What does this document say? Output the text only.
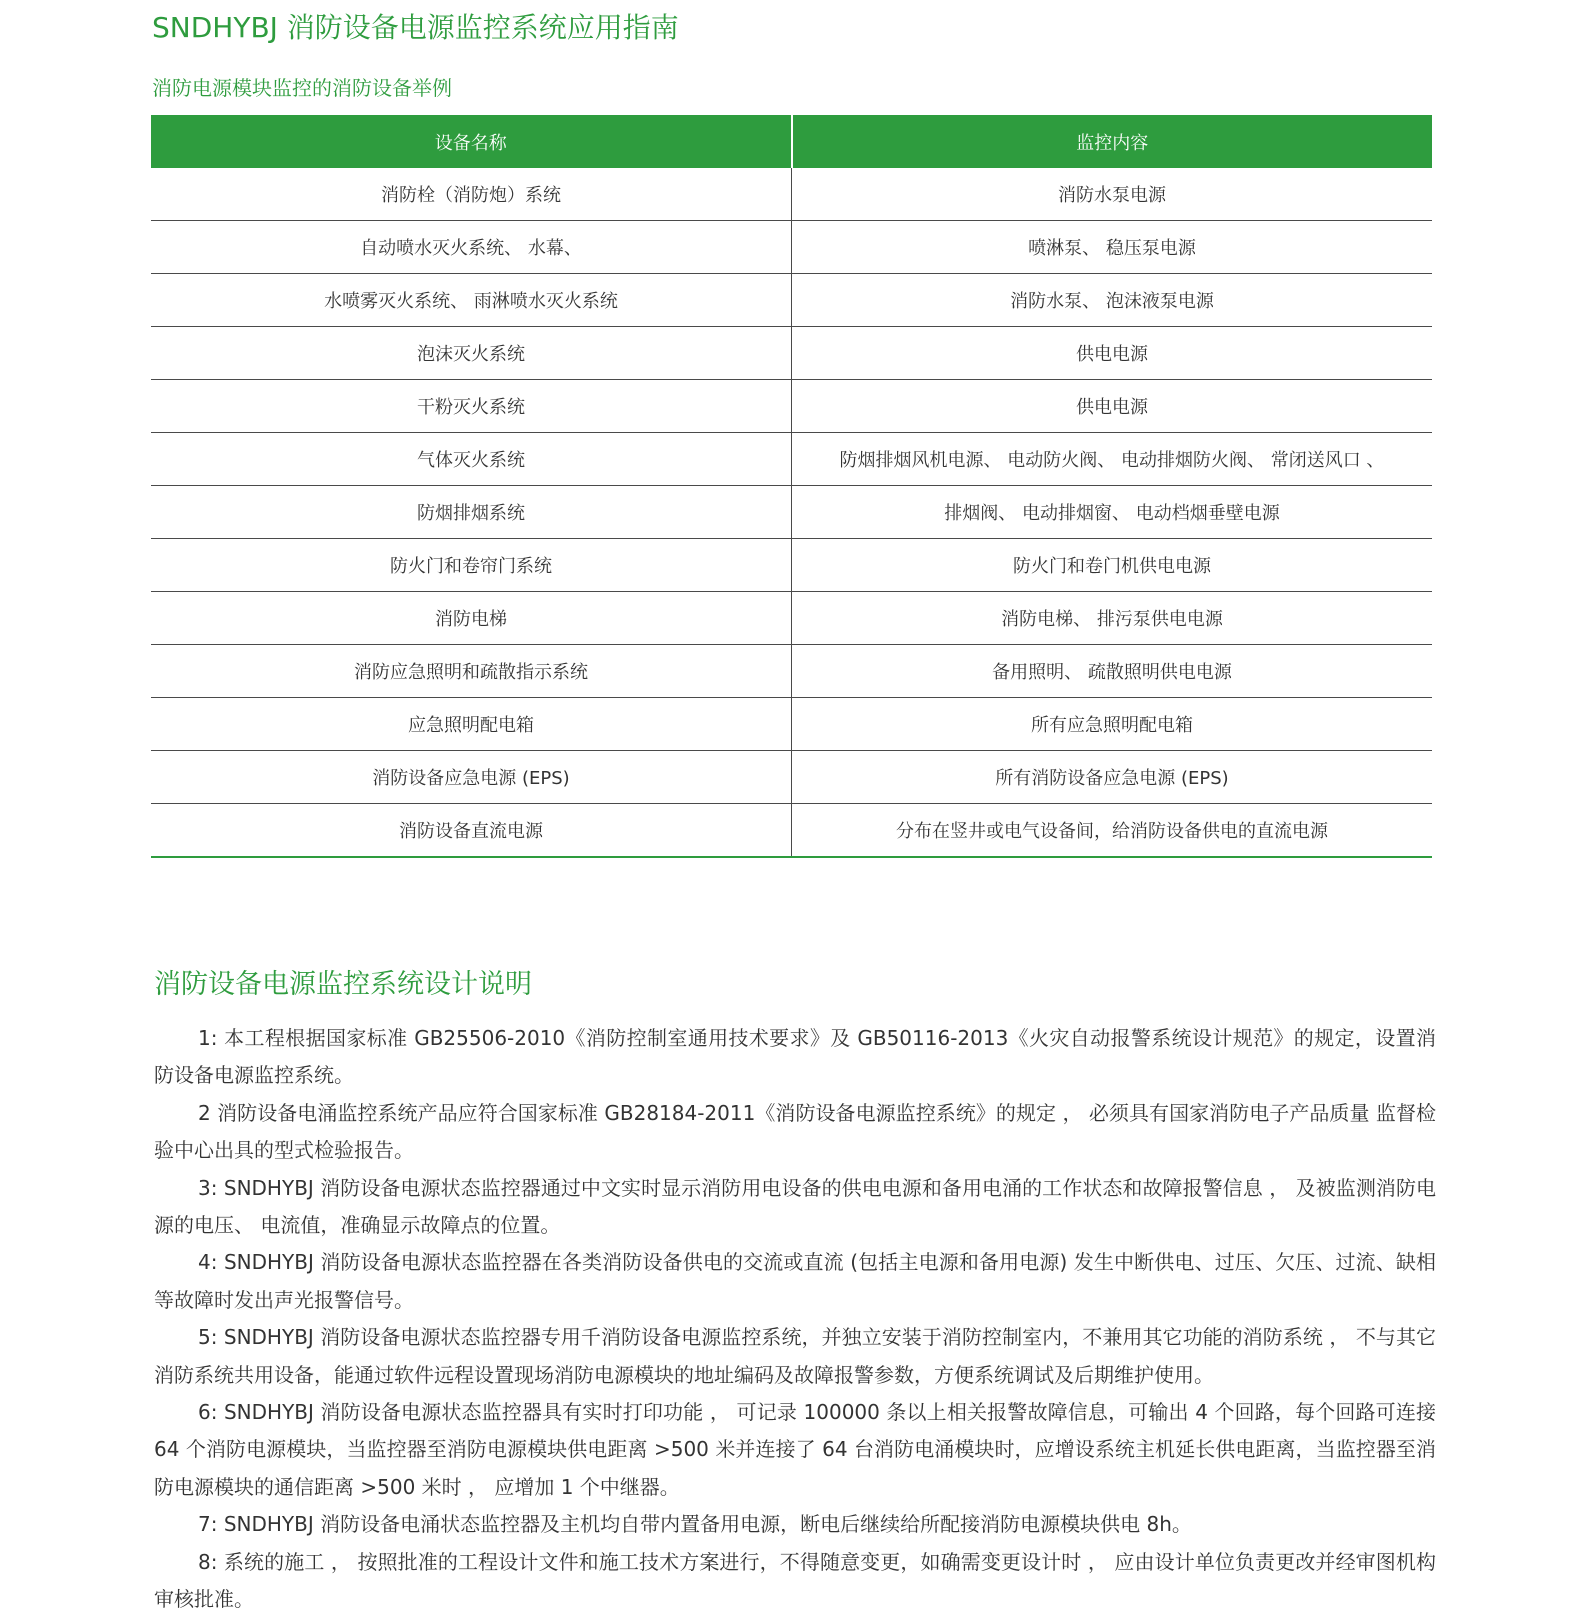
SNDHYBJ 消防设备电源监控系统应用指南
消防电源模块监控的消防设备举例
设备名称	监控内容
消防栓（消防炮）系统	消防水泵电源
自动喷水灭火系统、 水幕、	喷淋泵、 稳压泵电源
水喷雾灭火系统、 雨淋喷水灭火系统	消防水泵、 泡沫液泵电源
泡沫灭火系统	供电电源
干粉灭火系统	供电电源
气体灭火系统	防烟排烟风机电源、 电动防火阀、 电动排烟防火阀、 常闭送风口 、
防烟排烟系统	排烟阀、 电动排烟窗、 电动档烟垂壁电源
防火门和卷帘门系统	防火门和卷门机供电电源
消防电梯	消防电梯、 排污泵供电电源
消防应急照明和疏散指示系统	备用照明、 疏散照明供电电源
应急照明配电箱	所有应急照明配电箱
消防设备应急电源 (EPS)	所有消防设备应急电源 (EPS)
消防设备直流电源	分布在竖井或电气设备间，给消防设备供电的直流电源
消防设备电源监控系统设计说明

1: 本工程根据国家标准 GB25506-2010《消防控制室通用技术要求》及 GB50116-2013《火灾自动报警系统设计规范》的规定，设置消防设备电源监控系统。

2 消防设备电涌监控系统产品应符合国家标准 GB28184-2011《消防设备电源监控系统》的规定 ， 必须具有国家消防电子产品质量 监督检验中心出具的型式检验报告。

3: SNDHYBJ 消防设备电源状态监控器通过中文实时显示消防用电设备的供电电源和备用电涌的工作状态和故障报警信息 ， 及被监测消防电源的电压、 电流值，准确显示故障点的位置。

4: SNDHYBJ 消防设备电源状态监控器在各类消防设备供电的交流或直流 (包括主电源和备用电源) 发生中断供电、过压、欠压、过流、缺相等故障时发出声光报警信号。

5: SNDHYBJ 消防设备电源状态监控器专用千消防设备电源监控系统，并独立安装于消防控制室内，不兼用其它功能的消防系统 ， 不与其它消防系统共用设备，能通过软件远程设置现场消防电源模块的地址编码及故障报警参数，方便系统调试及后期维护使用。

6: SNDHYBJ 消防设备电源状态监控器具有实时打印功能 ， 可记录 100000 条以上相关报警故障信息，可输出 4 个回路，每个回路可连接 64 个消防电源模块，当监控器至消防电源模块供电距离 >500 米并连接了 64 台消防电涌模块时，应增设系统主机延长供电距离，当监控器至消防电源模块的通信距离 >500 米时 ， 应增加 1 个中继器。

7: SNDHYBJ 消防设备电涌状态监控器及主机均自带内置备用电源，断电后继续给所配接消防电源模块供电 8h。

8: 系统的施工 ， 按照批准的工程设计文件和施工技术方案进行，不得随意变更，如确需变更设计时 ， 应由设计单位负责更改并经审图机构审核批准。
